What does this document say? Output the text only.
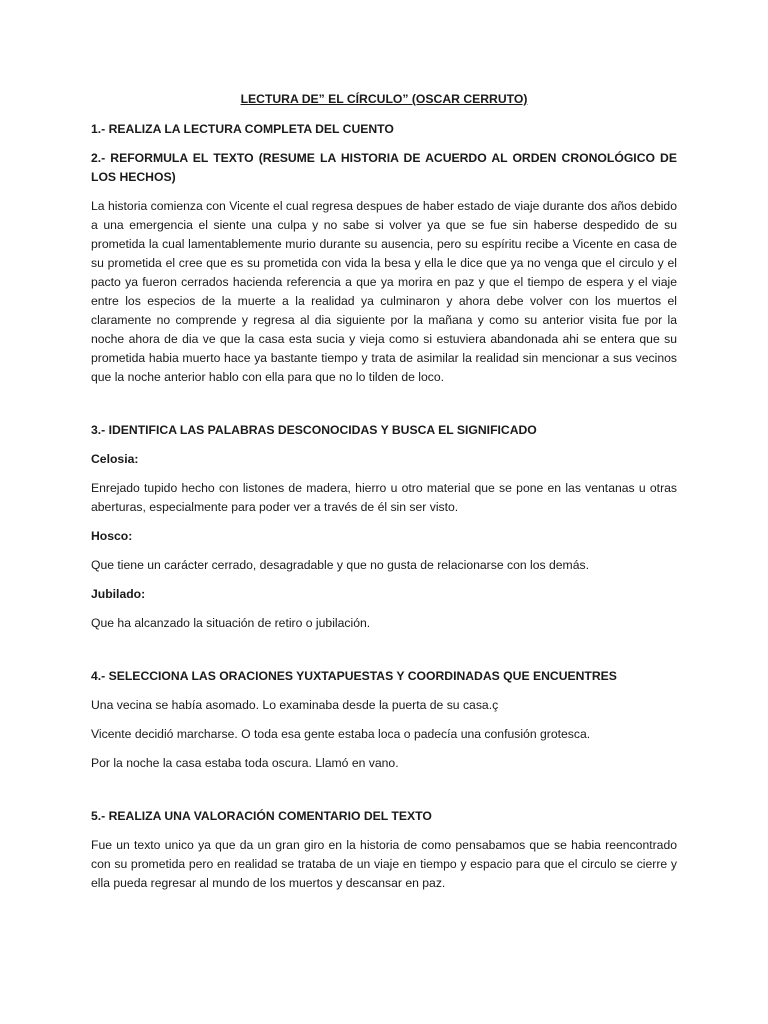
LECTURA DE” EL CÍRCULO” (OSCAR CERRUTO)
1.- REALIZA LA LECTURA COMPLETA DEL CUENTO
2.- REFORMULA EL TEXTO (RESUME LA HISTORIA DE ACUERDO AL ORDEN CRONOLÓGICO DE LOS HECHOS)

La historia comienza con Vicente el cual regresa despues de haber estado de viaje durante dos años debido a una emergencia el siente una culpa y no sabe si volver ya que se fue sin haberse despedido de su prometida la cual lamentablemente murio durante su ausencia, pero su espíritu recibe a Vicente en casa de su prometida el cree que es su prometida con vida la besa y ella le dice que ya no venga que el circulo y el pacto ya fueron cerrados hacienda referencia a que ya morira en paz y que el tiempo de espera y el viaje entre los especios de la muerte a la realidad ya culminaron y ahora debe volver con los muertos el claramente no comprende y regresa al dia siguiente por la mañana y como su anterior visita fue por la noche ahora de dia ve que la casa esta sucia y vieja como si estuviera abandonada ahi se entera que su prometida habia muerto hace ya bastante tiempo y trata de asimilar la realidad sin mencionar a sus vecinos que la noche anterior hablo con ella para que no lo tilden de loco.

3.- IDENTIFICA LAS PALABRAS DESCONOCIDAS Y BUSCA EL SIGNIFICADO
Celosia:
Enrejado tupido hecho con listones de madera, hierro u otro material que se pone en las ventanas u otras aberturas, especialmente para poder ver a través de él sin ser visto.
Hosco:
Que tiene un carácter cerrado, desagradable y que no gusta de relacionarse con los demás.
Jubilado:
Que ha alcanzado la situación de retiro o jubilación.
4.- SELECCIONA LAS ORACIONES YUXTAPUESTAS Y COORDINADAS QUE ENCUENTRES
Una vecina se había asomado. Lo examinaba desde la puerta de su casa.ç
Vicente decidió marcharse. O toda esa gente estaba loca o padecía una confusión grotesca.
Por la noche la casa estaba toda oscura. Llamó en vano.
5.- REALIZA UNA VALORACIÓN COMENTARIO DEL TEXTO

Fue un texto unico ya que da un gran giro en la historia de como pensabamos que se habia reencontrado con su prometida pero en realidad se trataba de un viaje en tiempo y espacio para que el circulo se cierre y ella pueda regresar al mundo de los muertos y descansar en paz.
